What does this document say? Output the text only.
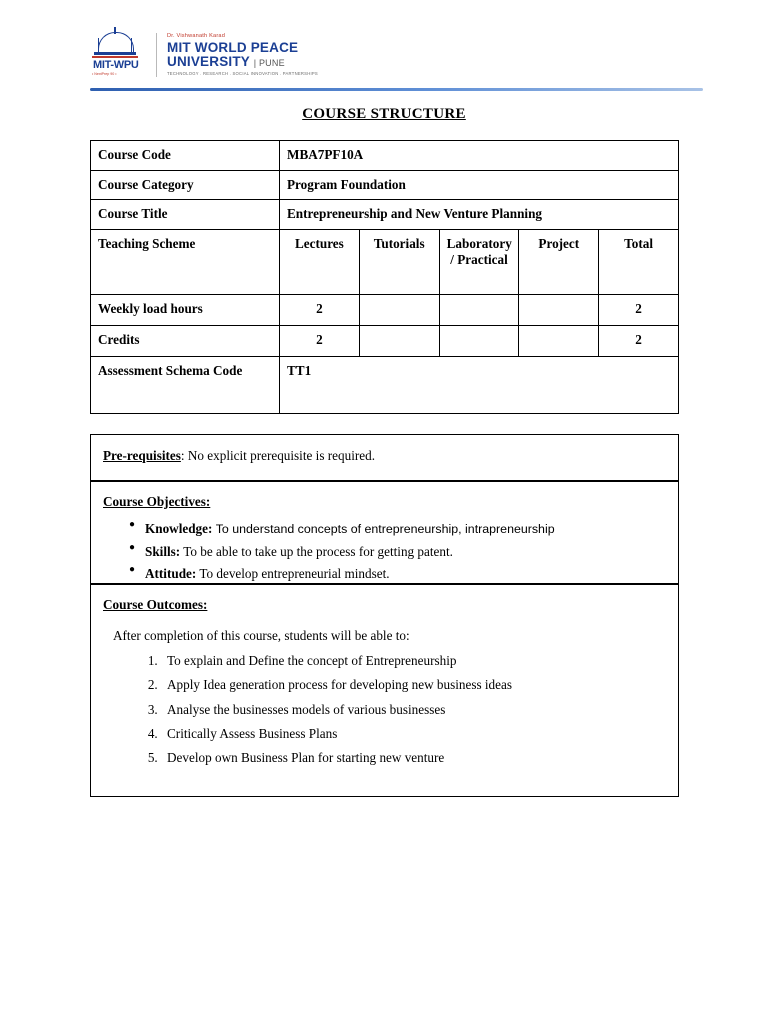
MIT-WPU
• NextPrep 90 •
Dr. Vishwanath Karad
MIT WORLD PEACE
UNIVERSITY | PUNE
TECHNOLOGY . RESEARCH . SOCIAL INNOVATION . PARTNERSHIPS
COURSE STRUCTURE
Course Code	MBA7PF10A				
Course Category	Program Foundation				
Course Title	Entrepreneurship and New Venture Planning				
Teaching Scheme	Lectures	Tutorials	Laboratory / Practical	Project	Total
Weekly load hours	2				2
Credits	2				2
Assessment Schema Code	TT1				
Pre-requisites: No explicit prerequisite is required.
Course Objectives:
● Knowledge: To understand concepts of entrepreneurship, intrapreneurship
● Skills: To be able to take up the process for getting patent.
● Attitude: To develop entrepreneurial mindset.
Course Outcomes:
After completion of this course, students will be able to:
1. To explain and Define the concept of Entrepreneurship
2. Apply Idea generation process for developing new business ideas
3. Analyse the businesses models of various businesses
4. Critically Assess Business Plans
5. Develop own Business Plan for starting new venture
